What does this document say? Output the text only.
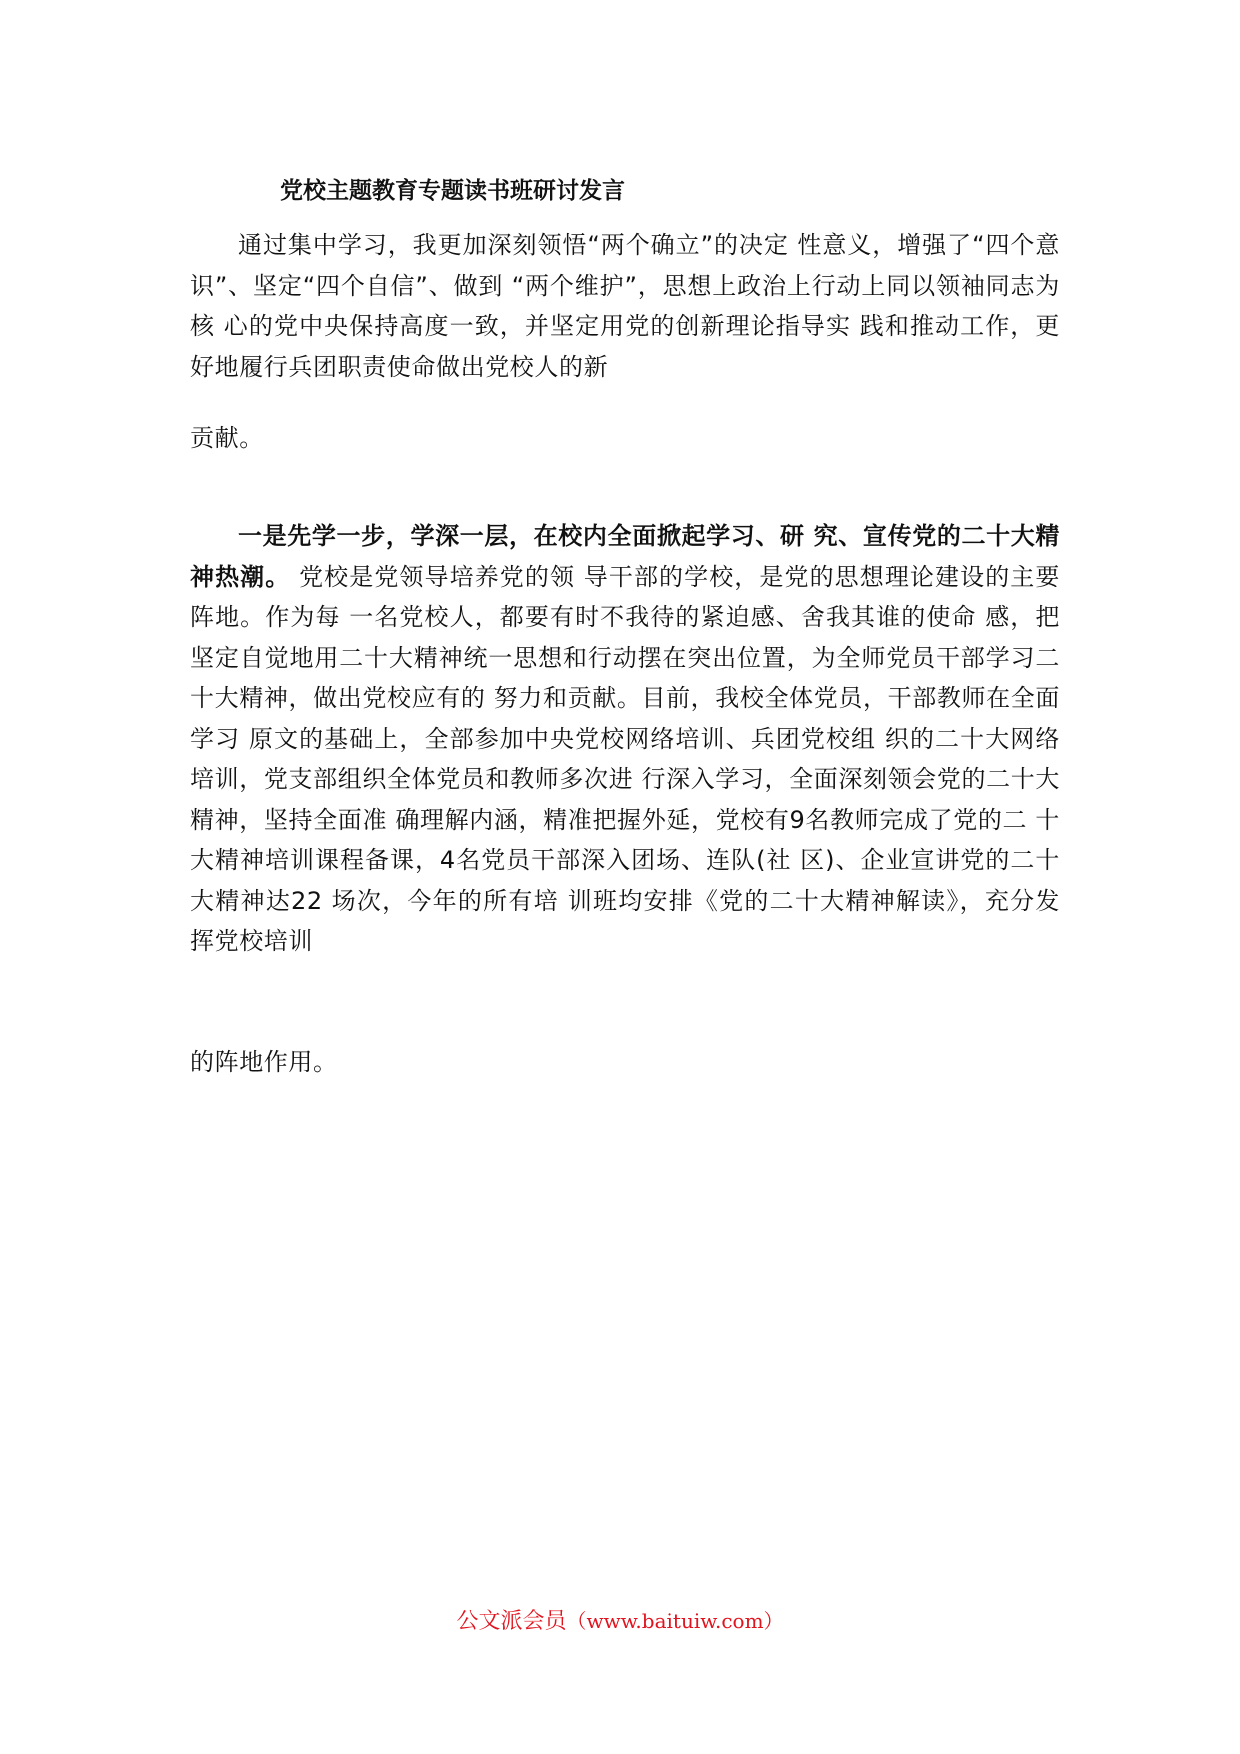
党校主题教育专题读书班研讨发言

通过集中学习，我更加深刻领悟“两个确立”的决定 性意义，增强了“四个意识”、坚定“四个自信”、做到 “两个维护”，思想上政治上行动上同以领袖同志为核 心的党中央保持高度一致，并坚定用党的创新理论指导实 践和推动工作，更好地履行兵团职责使命做出党校人的新

贡献。

一是先学一步，学深一层，在校内全面掀起学习、研 究、宣传党的二十大精神热潮。 党校是党领导培养党的领 导干部的学校，是党的思想理论建设的主要阵地。作为每 一名党校人，都要有时不我待的紧迫感、舍我其谁的使命 感，把坚定自觉地用二十大精神统一思想和行动摆在突出位置，为全师党员干部学习二十大精神，做出党校应有的 努力和贡献。目前，我校全体党员，干部教师在全面学习 原文的基础上，全部参加中央党校网络培训、兵团党校组 织的二十大网络培训，党支部组织全体党员和教师多次进 行深入学习，全面深刻领会党的二十大精神，坚持全面准 确理解内涵，精准把握外延，党校有9名教师完成了党的二 十大精神培训课程备课，4名党员干部深入团场、连队(社 区)、企业宣讲党的二十大精神达22 场次，今年的所有培 训班均安排《党的二十大精神解读》，充分发挥党校培训

的阵地作用。

公文派会员（www.baituiw.com）
